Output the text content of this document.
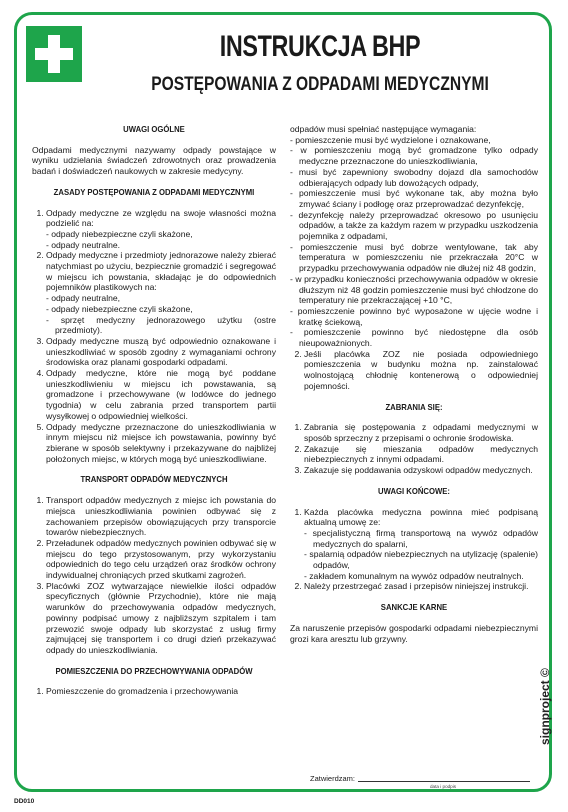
INSTRUKCJA BHP
POSTĘPOWANIA Z ODPADAMI MEDYCZNYMI
UWAGI OGÓLNE

Odpadami medycznymi nazywamy odpady powstające w wyniku udzielania świadczeń zdrowotnych oraz prowadzenia badań i doświadczeń naukowych w zakresie medycyny.

ZASADY POSTĘPOWANIA Z ODPADAMI MEDYCZNYMI
1. Odpady medyczne ze względu na swoje własności można podzielić na:
- odpady niebezpieczne czyli skażone,
- odpady neutralne.
2. Odpady medyczne i przedmioty jednorazowe należy zbierać natychmiast po użyciu, bezpiecznie gromadzić i segregować w miejscu ich powstania, składając je do odpowiednich pojemników plastikowych na:
- odpady neutralne,
- odpady niebezpieczne czyli skażone,
- sprzęt medyczny jednorazowego użytku (ostre przedmioty).
3. Odpady medyczne muszą być odpowiednio oznakowane i unieszkodliwiać w sposób zgodny z wymaganiami ochrony środowiska oraz planami gospodarki odpadami.
4. Odpady medyczne, które nie mogą być poddane unieszkodliwieniu w miejscu ich powstawania, są gromadzone i przechowywane (w lodówce do jednego tygodnia) w celu zabrania przed transportem partii wysyłkowej o odpowiedniej wielkości.
5. Odpady medyczne przeznaczone do unieszkodliwiania w innym miejscu niż miejsce ich powstawania, powinny być zbierane w sposób selektywny i przekazywane do najbliżej położonych miejsc, w których mogą być unieszkodliwiane.
TRANSPORT ODPADÓW MEDYCZNYCH
1. Transport odpadów medycznych z miejsc ich powstania do miejsca unieszkodliwiania powinien odbywać się z zachowaniem przepisów obowiązujących przy transporcie towarów niebezpiecznych.
2. Przeładunek odpadów medycznych powinien odbywać się w miejscu do tego przystosowanym, przy wykorzystaniu odpowiednich do tego celu urządzeń oraz środków ochrony indywidualnej chroniących przed skutkami zagrożeń.
3. Placówki ZOZ wytwarzające niewielkie ilości odpadów specyficznych (głównie Przychodnie), które nie mają warunków do przechowywania odpadów medycznych, powinny podpisać umowy z najbliższym szpitalem i tam przewozić swoje odpady lub skorzystać z usług firmy zajmującej się transportem i co drugi dzień przekazywać odpady do unieszkodliwiania.
POMIESZCZENIA DO PRZECHOWYWANIA ODPADÓW
1. Pomieszczenie do gromadzenia i przechowywania

odpadów musi spełniać następujące wymagania:

- pomieszczenie musi być wydzielone i oznakowane,
- w pomieszczeniu mogą być gromadzone tylko odpady medyczne przeznaczone do unieszkodliwiania,
- musi być zapewniony swobodny dojazd dla samochodów odbierających odpady lub dowożących odpady,
- pomieszczenie musi być wykonane tak, aby można było zmywać ściany i podłogę oraz przeprowadzać dezynfekcję,
- dezynfekcję należy przeprowadzać okresowo po usunięciu odpadów, a także za każdym razem w przypadku uszkodzenia pojemnika z odpadami,
- pomieszczenie musi być dobrze wentylowane, tak aby temperatura w pomieszczeniu nie przekraczała 20°C w przypadku przechowywania odpadów nie dłużej niż 48 godzin,
- w przypadku konieczności przechowywania odpadów w okresie dłuższym niż 48 godzin pomieszczenie musi być chłodzone do temperatury nie przekraczającej +10 °C,
- pomieszczenie powinno być wyposażone w ujęcie wodne i kratkę ściekową,
- pomieszczenie powinno być niedostępne dla osób nieupoważnionych.
2. Jeśli placówka ZOZ nie posiada odpowiedniego pomieszczenia w budynku można np. zainstalować wolnostojącą chłodnię kontenerową o odpowiedniej pojemności.
ZABRANIA SIĘ:
1. Zabrania się postępowania z odpadami medycznymi w sposób sprzeczny z przepisami o ochronie środowiska.
2. Zakazuje się mieszania odpadów medycznych niebezpiecznych z innymi odpadami.
3. Zakazuje się poddawania odzyskowi odpadów medycznych.
UWAGI KOŃCOWE:
1. Każda placówka medyczna powinna mieć podpisaną aktualną umowę ze:
- specjalistyczną firmą transportową na wywóz odpadów medycznych do spalarni,
- spalarnią odpadów niebezpiecznych na utylizację (spalenie) odpadów,
- zakładem komunalnym na wywóz odpadów neutralnych.
2. Należy przestrzegać zasad i przepisów niniejszej instrukcji.
SANKCJE KARNE

Za naruszenie przepisów gospodarki odpadami niebezpiecznymi grozi kara aresztu lub grzywny.

Zatwierdzam:
data i podpis
DD010
signproject ©
